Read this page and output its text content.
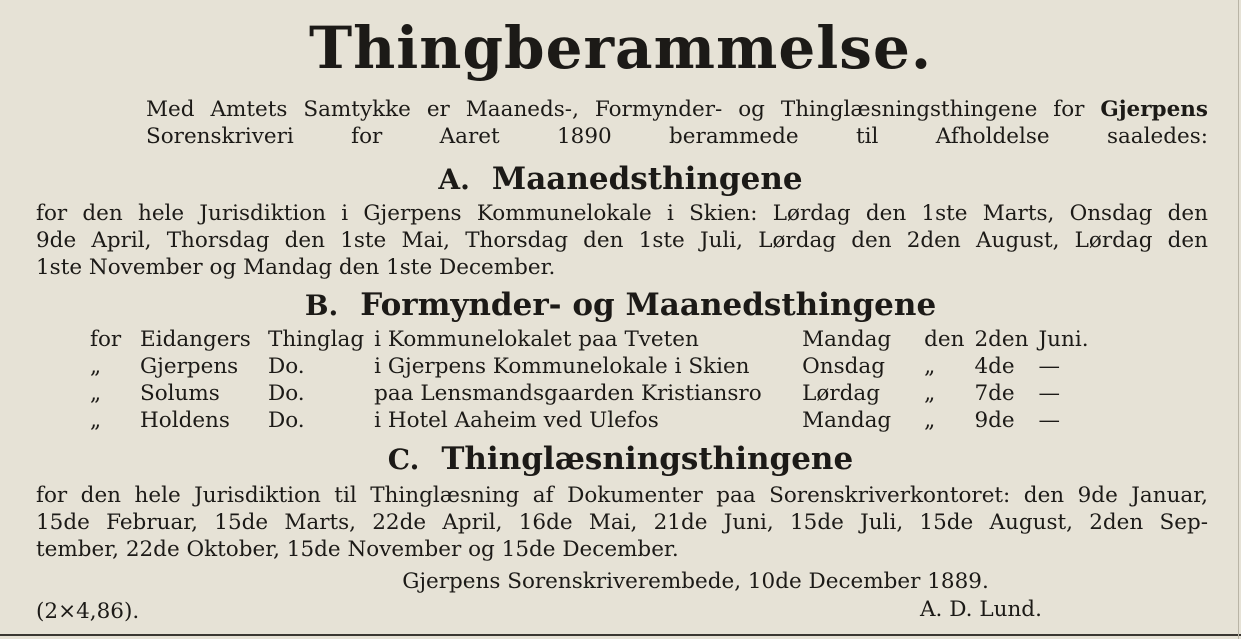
Thingberammelse.

Med Amtets Samtykke er Maaneds-, Formynder- og Thinglæsningsthingene for Gjerpens
Sorenskriveri for Aaret 1890 berammede til Afholdelse saaledes:

A. Maanedsthingene

for den hele Jurisdiktion i Gjerpens Kommunelokale i Skien: Lørdag den 1ste Marts, Onsdag den
9de April, Thorsdag den 1ste Mai, Thorsdag den 1ste Juli, Lørdag den 2den August, Lørdag den
1ste November og Mandag den 1ste December.

B. Formynder- og Maanedsthingene
for	Eidangers	Thinglag	i Kommunelokalet paa Tveten	Mandag	den	2den	Juni.
„	Gjerpens	Do.	i Gjerpens Kommunelokale i Skien	Onsdag	„	4de	—
„	Solums	Do.	paa Lensmandsgaarden Kristiansro	Lørdag	„	7de	—
„	Holdens	Do.	i Hotel Aaheim ved Ulefos	Mandag	„	9de	—
C. Thinglæsningsthingene

for den hele Jurisdiktion til Thinglæsning af Dokumenter paa Sorenskriverkontoret: den 9de Januar,
15de Februar, 15de Marts, 22de April, 16de Mai, 21de Juni, 15de Juli, 15de August, 2den Sep-
tember, 22de Oktober, 15de November og 15de December.

Gjerpens Sorenskriverembede, 10de December 1889.
(2×4,86).	A. D. Lund.
